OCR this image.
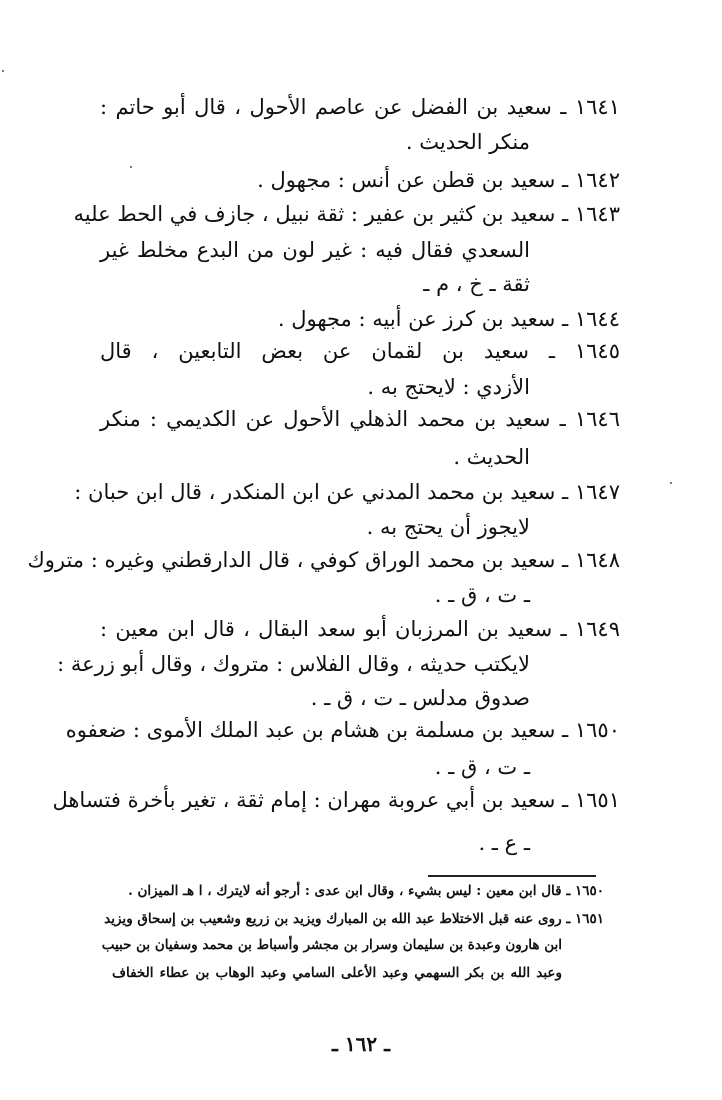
١٦٤١ ـ سعيد بن الفضل عن عاصم الأحول ، قال أبو حاتم :
منكر الحديث .
١٦٤٢ ـ سعيد بن قطن عن أنس : مجهول .
١٦٤٣ ـ سعيد بن كثير بن عفير : ثقة نبيل ، جازف في الحط عليه
السعدي فقال فيه : غير لون من البدع مخلط غير
ثقة ـ خ ، م ـ
١٦٤٤ ـ سعيد بن كرز عن أبيه : مجهول .
١٦٤٥ ـ سعيد بن لقمان عن بعض التابعين ، قال
الأزدي : لايحتج به .
١٦٤٦ ـ سعيد بن محمد الذهلي الأحول عن الكديمي : منكر
الحديث .
١٦٤٧ ـ سعيد بن محمد المدني عن ابن المنكدر ، قال ابن حبان :
لايجوز أن يحتج به .
١٦٤٨ ـ سعيد بن محمد الوراق كوفي ، قال الدارقطني وغيره : متروك
ـ ت ، ق ـ .
١٦٤٩ ـ سعيد بن المرزبان أبو سعد البقال ، قال ابن معين :
لايكتب حديثه ، وقال الفلاس : متروك ، وقال أبو زرعة :
صدوق مدلس ـ ت ، ق ـ .
١٦٥٠ ـ سعيد بن مسلمة بن هشام بن عبد الملك الأموى : ضعفوه
ـ ت ، ق ـ .
١٦٥١ ـ سعيد بن أبي عروبة مهران : إمام ثقة ، تغير بأخرة فتساهل
ـ ع ـ .
١٦٥٠ ـ قال ابن معين : ليس بشيء ، وقال ابن عدى : أرجو أنه لايترك ، ا هـ الميزان .
١٦٥١ ـ روى عنه قبل الاختلاط عبد الله بن المبارك ويزيد بن زريع وشعيب بن إسحاق ويزيد
ابن هارون وعبدة بن سليمان وسرار بن مجشر وأسباط بن محمد وسفيان بن حبيب
وعبد الله بن بكر السهمي وعبد الأعلى السامي وعبد الوهاب بن عطاء الخفاف
ـ ١٦٢ ـ
